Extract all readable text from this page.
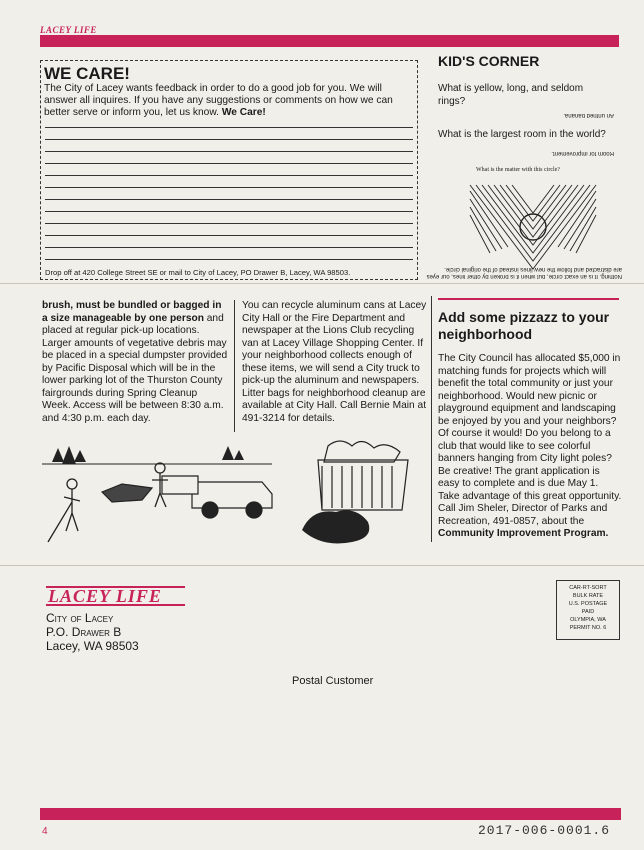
LACEY LIFE
WE CARE!
The City of Lacey wants feedback in order to do a good job for you. We will answer all inquires. If you have any suggestions or comments on how we can better serve or inform you, let us know. We Care!
Drop off at 420 College Street SE or mail to City of Lacey, PO Drawer B, Lacey, WA 98503.
KID'S CORNER

What is yellow, long, and seldom rings?

An unfried banana.

What is the largest room in the world?

Room for improvement.
What is the matter with this circle?
Nothing. It is an exact circle, but when it is broken by other lines, our eyes are distracted and follow the new lines instead of the original circle.
brush, must be bundled or bagged in a size manageable by one person and placed at regular pick-up locations. Larger amounts of vegetative debris may be placed in a special dumpster provided by Pacific Disposal which will be in the lower parking lot of the Thurston County fairgrounds during Spring Cleanup Week. Access will be between 8:30 a.m. and 4:30 p.m. each day.
You can recycle aluminum cans at Lacey City Hall or the Fire Department and newspaper at the Lions Club recycling van at Lacey Village Shopping Center. If your neighborhood collects enough of these items, we will send a City truck to pick-up the aluminum and newspapers. Litter bags for neighborhood cleanup are available at City Hall. Call Bernie Main at 491-3214 for details.
Add some pizzazz to your neighborhood
The City Council has allocated $5,000 in matching funds for projects which will benefit the total community or just your neighborhood. Would new picnic or playground equipment and landscaping be enjoyed by you and your neighbors? Of course it would! Do you belong to a club that would like to see colorful banners hanging from City light poles? Be creative! The grant application is easy to complete and is due May 1. Take advantage of this great opportunity. Call Jim Sheler, Director of Parks and Recreation, 491-0857, about the Community Improvement Program.
LACEY LIFE
City of Lacey
P.O. Drawer B
Lacey, WA 98503
CAR-RT-SORT
BULK RATE
U.S. POSTAGE
PAID
OLYMPIA, WA
PERMIT NO. 6
Postal Customer
4	2017-006-0001.6
